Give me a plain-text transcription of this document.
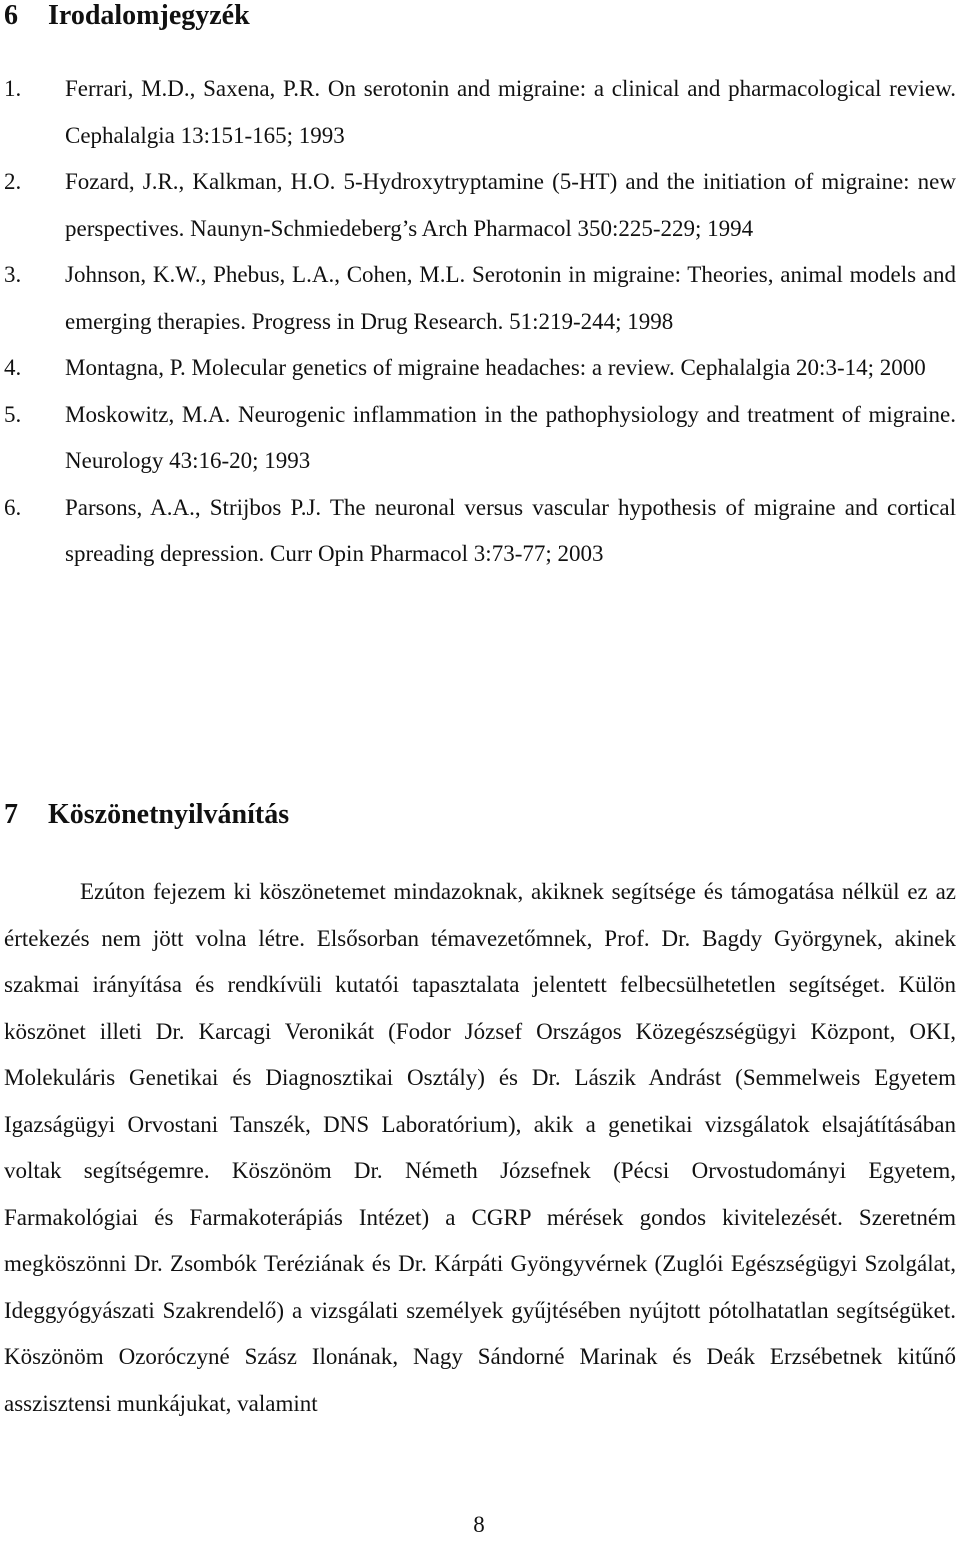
6 Irodalomjegyzék
1. Ferrari, M.D., Saxena, P.R. On serotonin and migraine: a clinical and pharmacological review. Cephalalgia 13:151-165; 1993
2. Fozard, J.R., Kalkman, H.O. 5-Hydroxytryptamine (5-HT) and the initiation of migraine: new perspectives. Naunyn-Schmiedeberg’s Arch Pharmacol 350:225-229; 1994
3. Johnson, K.W., Phebus, L.A., Cohen, M.L. Serotonin in migraine: Theories, animal models and emerging therapies. Progress in Drug Research. 51:219-244; 1998
4. Montagna, P. Molecular genetics of migraine headaches: a review. Cephalalgia 20:3-14; 2000
5. Moskowitz, M.A. Neurogenic inflammation in the pathophysiology and treatment of migraine. Neurology 43:16-20; 1993
6. Parsons, A.A., Strijbos P.J. The neuronal versus vascular hypothesis of migraine and cortical spreading depression. Curr Opin Pharmacol 3:73-77; 2003
7 Köszönetnyilvánítás

Ezúton fejezem ki köszönetemet mindazoknak, akiknek segítsége és támogatása nélkül ez az értekezés nem jött volna létre. Elsősorban témavezetőmnek, Prof. Dr. Bagdy Györgynek, akinek szakmai irányítása és rendkívüli kutatói tapasztalata jelentett felbecsülhetetlen segítséget. Külön köszönet illeti Dr. Karcagi Veronikát (Fodor József Országos Közegészségügyi Központ, OKI, Molekuláris Genetikai és Diagnosztikai Osztály) és Dr. Lászik Andrást (Semmelweis Egyetem Igazságügyi Orvostani Tanszék, DNS Laboratórium), akik a genetikai vizsgálatok elsajátításában voltak segítségemre. Köszönöm Dr. Németh Józsefnek (Pécsi Orvostudományi Egyetem, Farmakológiai és Farmakoterápiás Intézet) a CGRP mérések gondos kivitelezését. Szeretném megköszönni Dr. Zsombók Teréziának és Dr. Kárpáti Gyöngyvérnek (Zuglói Egészségügyi Szolgálat, Ideggyógyászati Szakrendelő) a vizsgálati személyek gyűjtésében nyújtott pótolhatatlan segítségüket. Köszönöm Ozoróczyné Szász Ilonának, Nagy Sándorné Marinak és Deák Erzsébetnek kitűnő asszisztensi munkájukat, valamint

8
